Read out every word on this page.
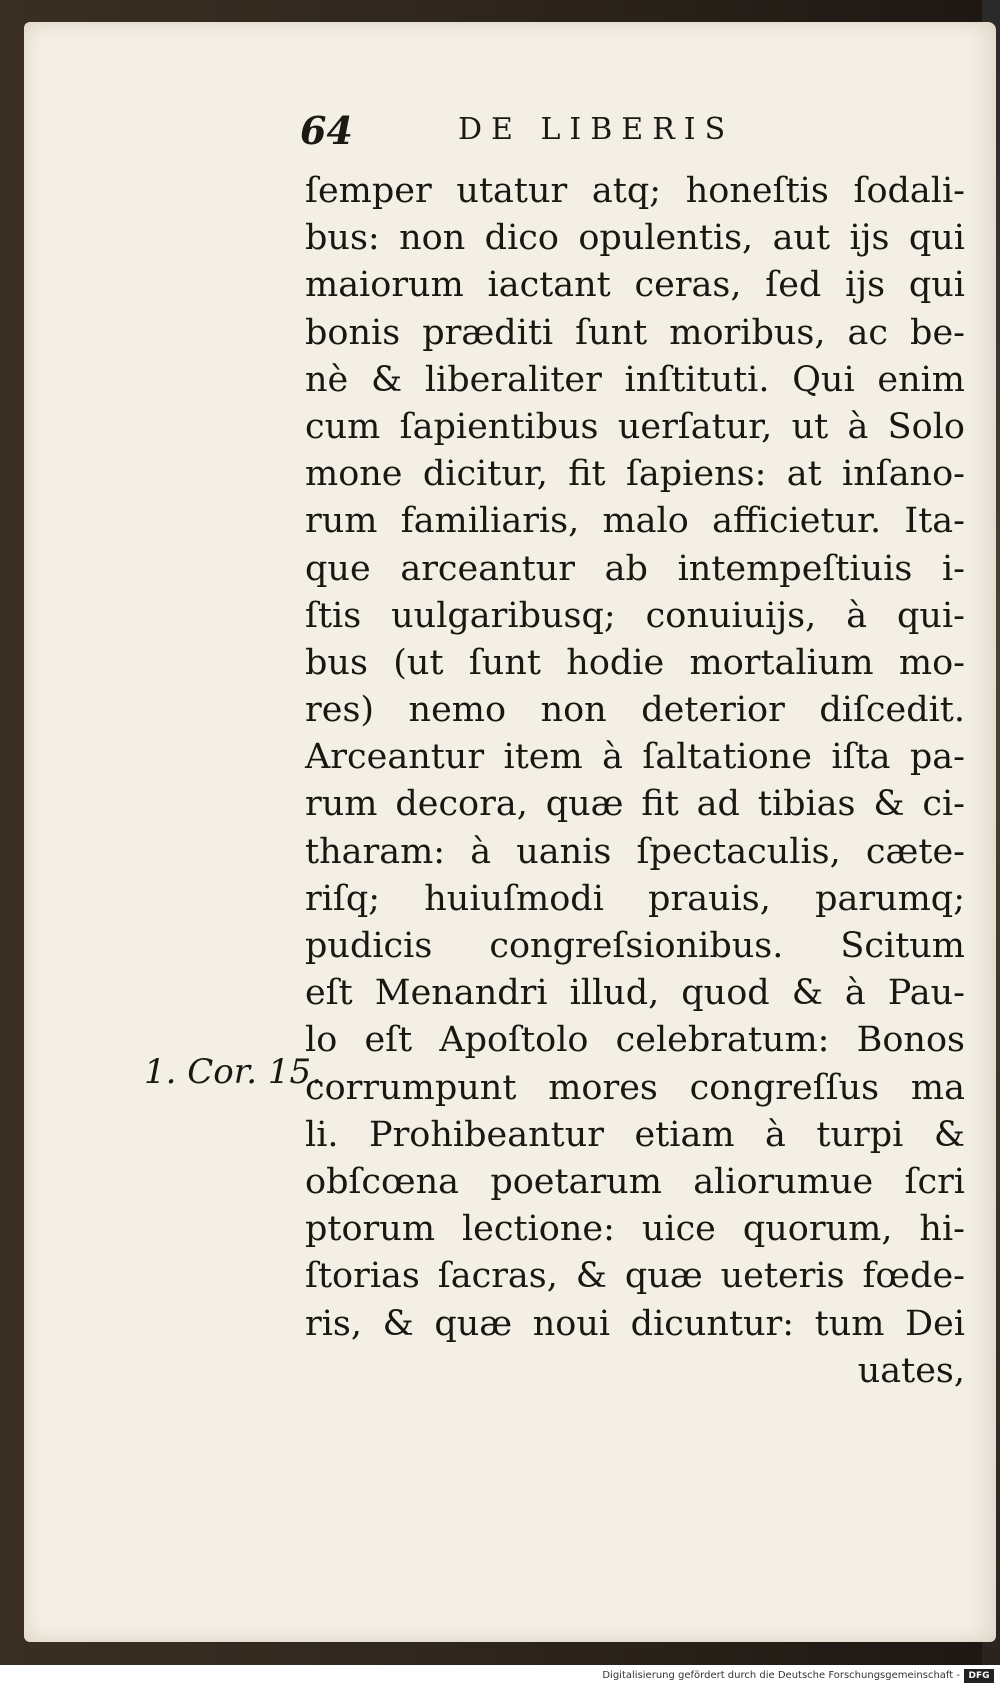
64	DE LIBERIS
1. Cor. 15.
ſemper utatur atq; honeſtis ſodali-
bus: non dico opulentis, aut ijs qui
maiorum iactant ceras, ſed ijs qui
bonis præditi ſunt moribus, ac be-
nè & liberaliter inſtituti. Qui enim
cum ſapientibus uerſatur, ut à Solo
mone dicitur, fit ſapiens: at inſano-
rum familiaris, malo afficietur. Ita-
que arceantur ab intempeſtiuis i-
ſtis uulgaribusq; conuiuijs, à qui-
bus (ut ſunt hodie mortalium mo-
res) nemo non deterior diſcedit.
Arceantur item à ſaltatione iſta pa-
rum decora, quæ fit ad tibias & ci-
tharam: à uanis ſpectaculis, cæte-
riſq; huiuſmodi prauis, parumq;
pudicis congreſsionibus. Scitum
eſt Menandri illud, quod & à Pau-
lo eſt Apoſtolo celebratum: Bonos
corrumpunt mores congreſſus ma
li. Prohibeantur etiam à turpi &
obſcœna poetarum aliorumue ſcri
ptorum lectione: uice quorum, hi-
ſtorias ſacras, & quæ ueteris fœde-
ris, & quæ noui dicuntur: tum Dei
uates,
Digitalisierung gefördert durch die Deutsche Forschungsgemeinschaft - DFG
